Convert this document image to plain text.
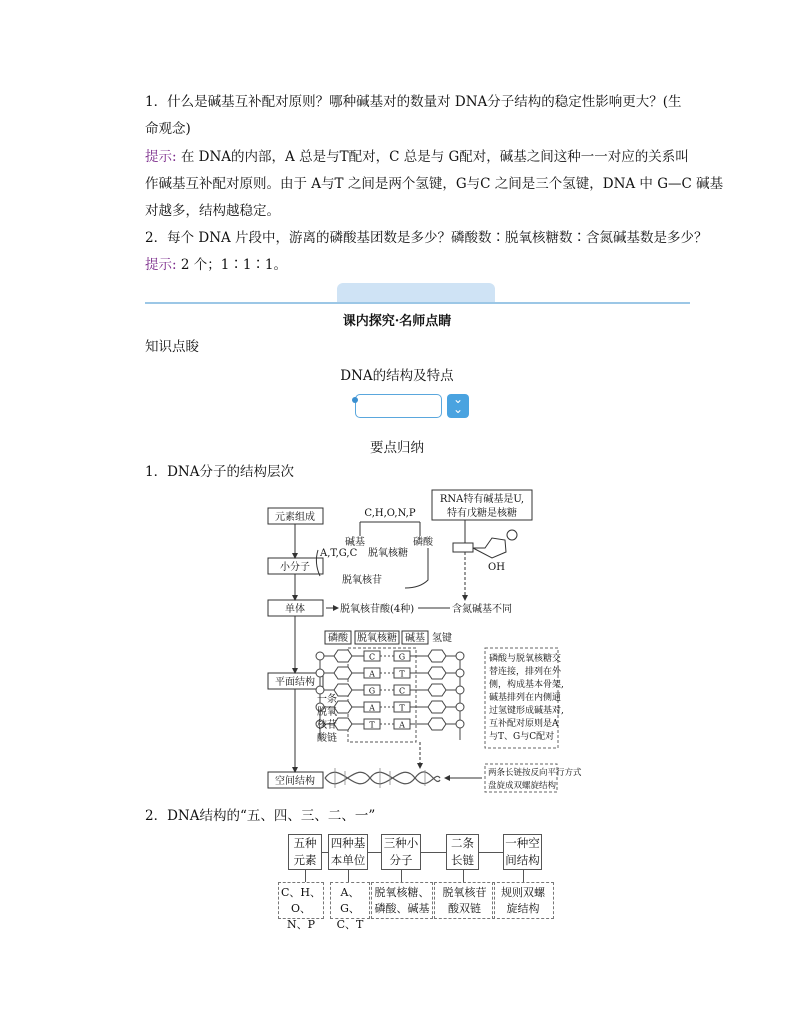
1．什么是碱基互补配对原则？哪种碱基对的数量对 DNA分子结构的稳定性影响更大？(生
命观念)
提示: 在 DNA的内部，A 总是与T配对，C 总是与 G配对，碱基之间这种一一对应的关系叫
作碱基互补配对原则。由于 A与T 之间是两个氢键，G与C 之间是三个氢键，DNA 中 G—C 碱基
对越多，结构越稳定。
2．每个 DNA 片段中，游离的磷酸基团数是多少？磷酸数∶脱氧核糖数∶含氮碱基数是多少？
提示: 2 个；1∶1∶1。
课内探究·名师点睛
知识点睃
DNA的结构及特点
⌄
⌄
要点归纳
1．DNA分子的结构层次
元素组成
小分子
单体
平面结构
空间结构
C,H,O,N,P
碱基	磷酸
A,T,G,C 脱氧核糖
脱氧核苷
脱氧核苷酸(4种)	含氮碱基不同
RNA特有碱基是U,
特有戊糖是核糖
OH
磷酸 脱氧核糖 碱基 氢键
C	G
A	T
G	C
A	T
T	A
一条
脱氧
核苷
酸链
磷酸与脱氧核糖交
替连接，排列在外
侧，构成基本骨架,
碱基排列在内侧通
过氢键形成碱基对,
互补配对原则是A
与T、G与C配对
两条长链按反向平行方式
盘旋成双螺旋结构
2．DNA结构的“五、四、三、二、一”
五种
元素
四种基
本单位
三种小
分子
二条
长链
一种空
间结构
C、H、O、
N、P
A、G、
C、T
脱氧核糖、
磷酸、碱基
脱氧核苷
酸双链
规则双螺
旋结构
